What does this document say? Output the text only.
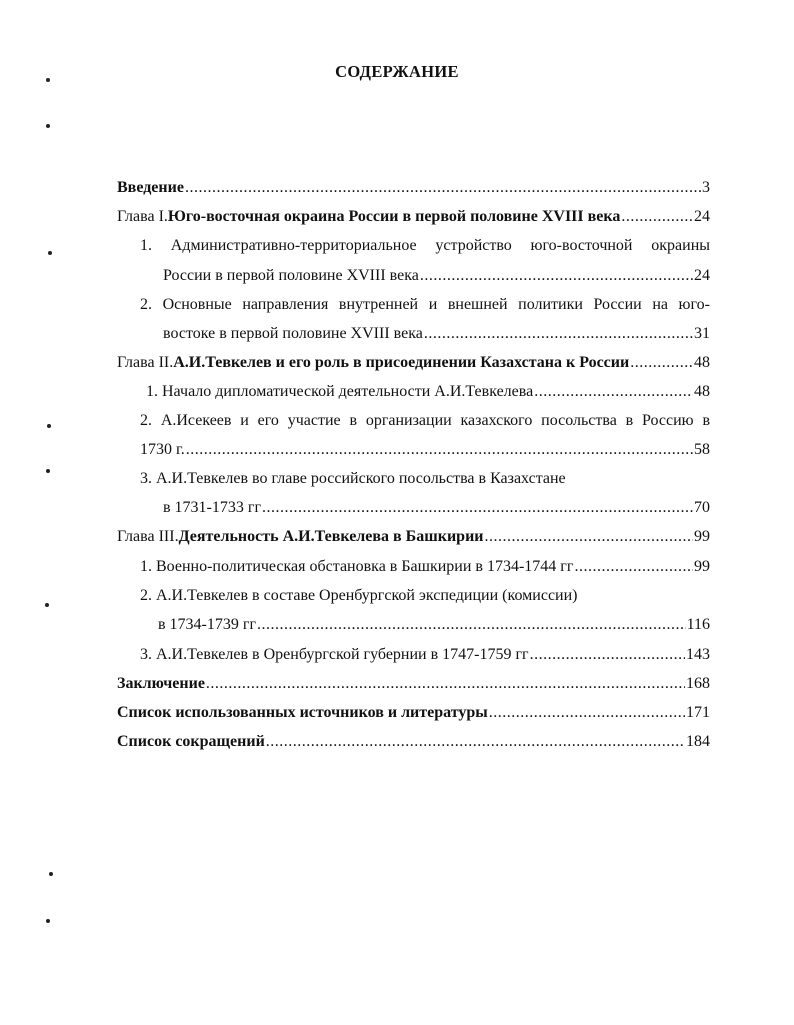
СОДЕРЖАНИЕ
Введение .....	3
Глава I. Юго-восточная окраина России в первой половине XVIII века .....	24
1. Административно-территориальное устройство юго-восточной окраины
России в первой половине XVIII века .....	24
2. Основные направления внутренней и внешней политики России на юго-
востоке в первой половине XVIII века .....	31
Глава II. А.И.Тевкелев и его роль в присоединении Казахстана к России .....	48
1. Начало дипломатической деятельности А.И.Тевкелева .....	48
2. А.Исекеев и его участие в организации казахского посольства в Россию в
1730 г. .....	58
3. А.И.Тевкелев во главе российского посольства в Казахстане
в 1731-1733 гг .....	70
Глава III. Деятельность А.И.Тевкелева в Башкирии .....	99
1. Военно-политическая обстановка в Башкирии в 1734-1744 гг .....	99
2. А.И.Тевкелев в составе Оренбургской экспедиции (комиссии)
в 1734-1739 гг .....	116
3. А.И.Тевкелев в Оренбургской губернии в 1747-1759 гг .....	143
Заключение .....	168
Список использованных источников и литературы .....	171
Список сокращений .....	184
